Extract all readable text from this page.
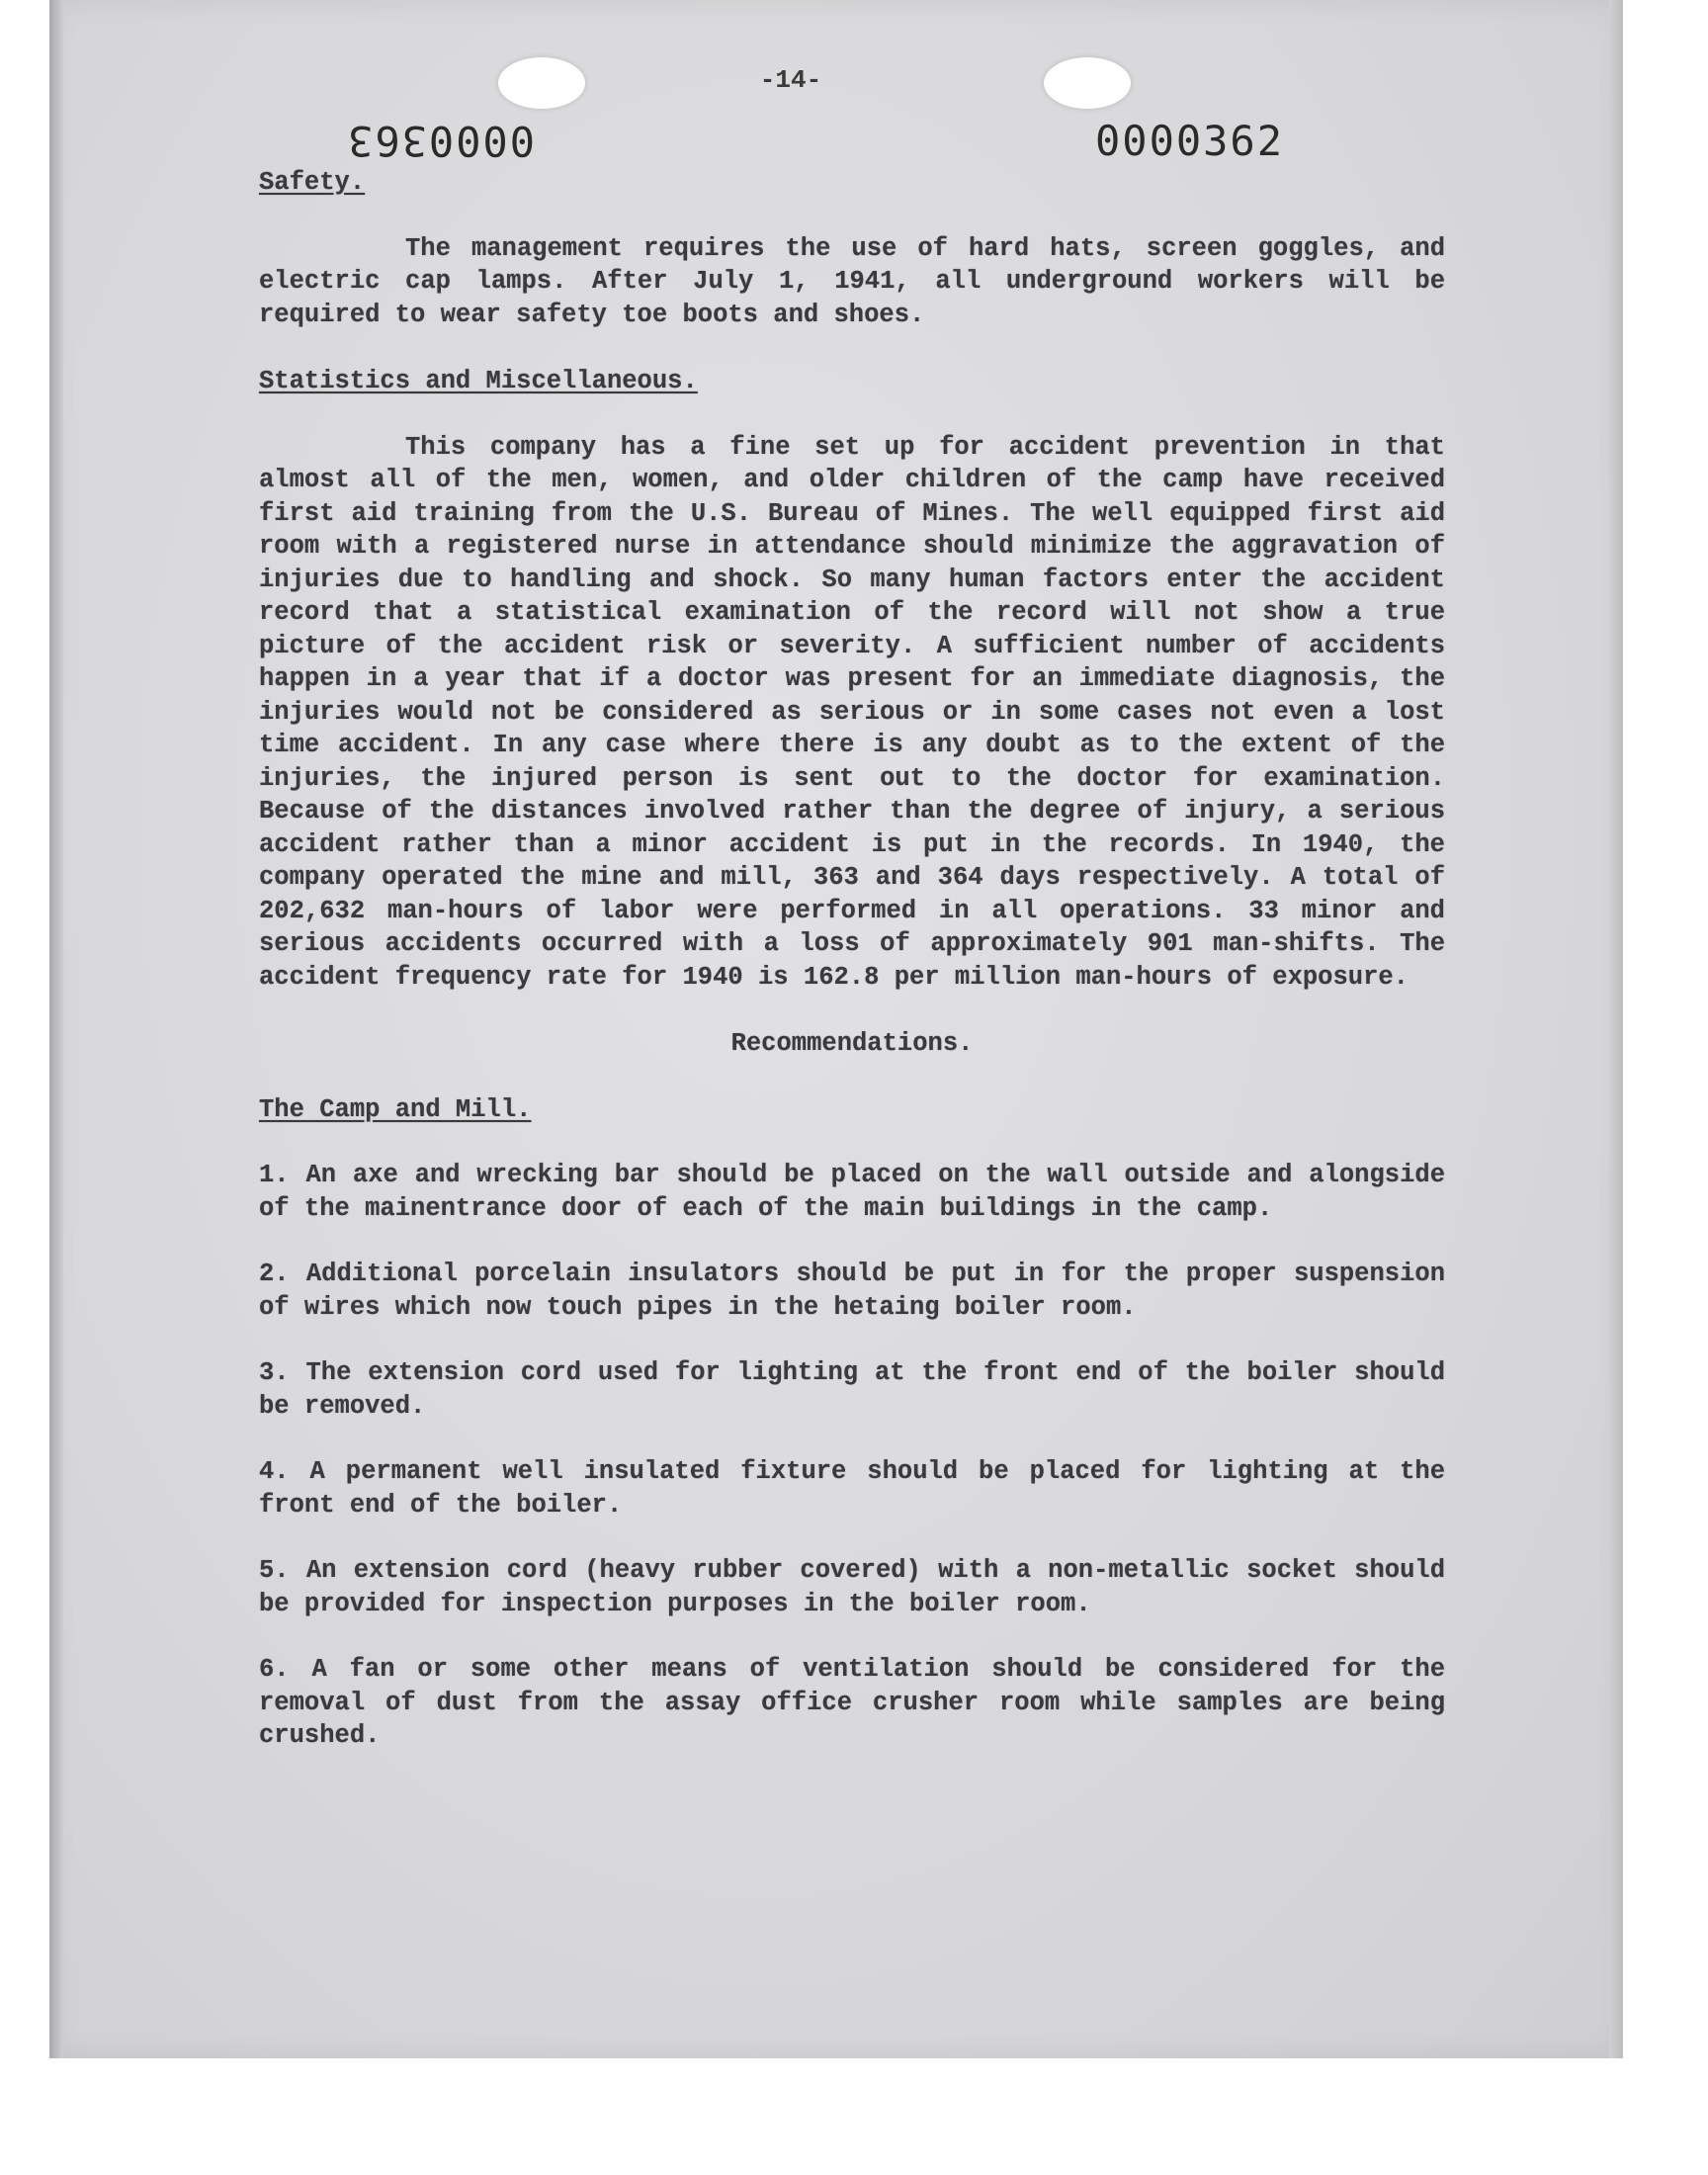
-14-
0000363	0000362

Safety.

The management requires the use of hard hats, screen goggles, and electric cap lamps. After July 1, 1941, all underground workers will be required to wear safety toe boots and shoes.

Statistics and Miscellaneous.

This company has a fine set up for accident prevention in that almost all of the men, women, and older children of the camp have received first aid training from the U.S. Bureau of Mines. The well equipped first aid room with a registered nurse in attendance should minimize the aggravation of injuries due to handling and shock. So many human factors enter the accident record that a statistical examination of the record will not show a true picture of the accident risk or severity. A sufficient number of accidents happen in a year that if a doctor was present for an immediate diagnosis, the injuries would not be considered as serious or in some cases not even a lost time accident. In any case where there is any doubt as to the extent of the injuries, the injured person is sent out to the doctor for examination. Because of the distances involved rather than the degree of injury, a serious accident rather than a minor accident is put in the records. In 1940, the company operated the mine and mill, 363 and 364 days respectively. A total of 202,632 man-hours of labor were performed in all operations. 33 minor and serious accidents occurred with a loss of approximately 901 man-shifts. The accident frequency rate for 1940 is 162.8 per million man-hours of exposure.

Recommendations.

The Camp and Mill.

1. An axe and wrecking bar should be placed on the wall outside and alongside of the mainentrance door of each of the main buildings in the camp.

2. Additional porcelain insulators should be put in for the proper suspension of wires which now touch pipes in the hetaing boiler room.

3. The extension cord used for lighting at the front end of the boiler should be removed.

4. A permanent well insulated fixture should be placed for lighting at the front end of the boiler.

5. An extension cord (heavy rubber covered) with a non-metallic socket should be provided for inspection purposes in the boiler room.

6. A fan or some other means of ventilation should be considered for the removal of dust from the assay office crusher room while samples are being crushed.
